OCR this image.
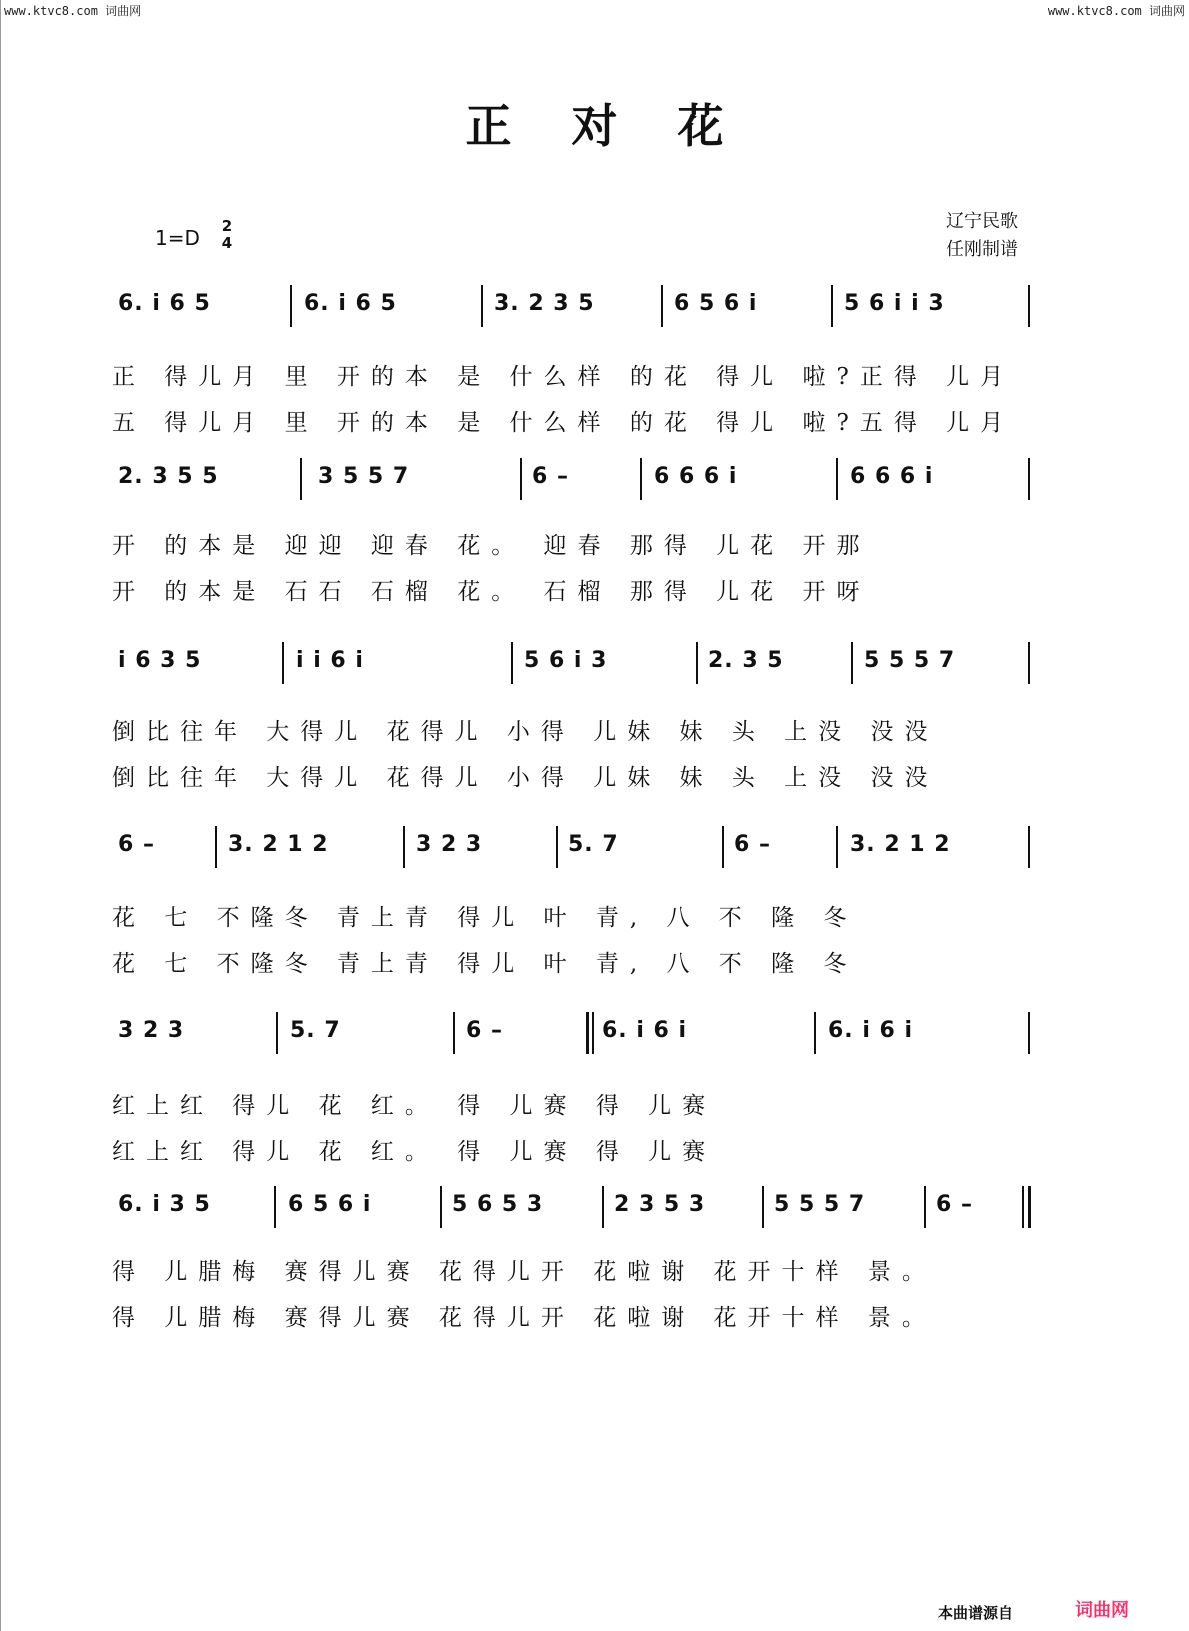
www.ktvc8.com 词曲网	www.ktvc8.com 词曲网
正对花
1=D 2
4
辽宁民歌
任刚制谱
6. i 6 5	6. i 6 5	3. 2 3 5	6 5 6 i	5 6 i i 3
正 得儿月 里 开的本 是 什么样 的花 得儿 啦?正得 儿月
五 得儿月 里 开的本 是 什么样 的花 得儿 啦?五得 儿月
2. 3 5 5	3 5 5 7	6 –	6 6 6 i	6 6 6 i
开 的本是 迎迎 迎春 花。 迎春 那得 儿花 开那
开 的本是 石石 石榴 花。 石榴 那得 儿花 开呀
i 6 3 5	i i 6 i	5 6 i 3	2. 3 5	5 5 5 7
倒比往年 大得儿 花得儿 小得 儿妹 妹 头 上没 没没
倒比往年 大得儿 花得儿 小得 儿妹 妹 头 上没 没没
6 –	3. 2 1 2	3 2 3	5. 7	6 –	3. 2 1 2
花 七 不隆冬 青上青 得儿 叶 青, 八 不 隆 冬
花 七 不隆冬 青上青 得儿 叶 青, 八 不 隆 冬
3 2 3	5. 7	6 –	6. i 6 i	6. i 6 i
红上红 得儿 花 红。 得 儿赛 得 儿赛
红上红 得儿 花 红。 得 儿赛 得 儿赛
6. i 3 5	6 5 6 i	5 6 5 3	2 3 5 3	5 5 5 7	6 –
得 儿腊梅 赛得儿赛 花得儿开 花啦谢 花开十样 景。
得 儿腊梅 赛得儿赛 花得儿开 花啦谢 花开十样 景。
本曲谱源自	词曲网
